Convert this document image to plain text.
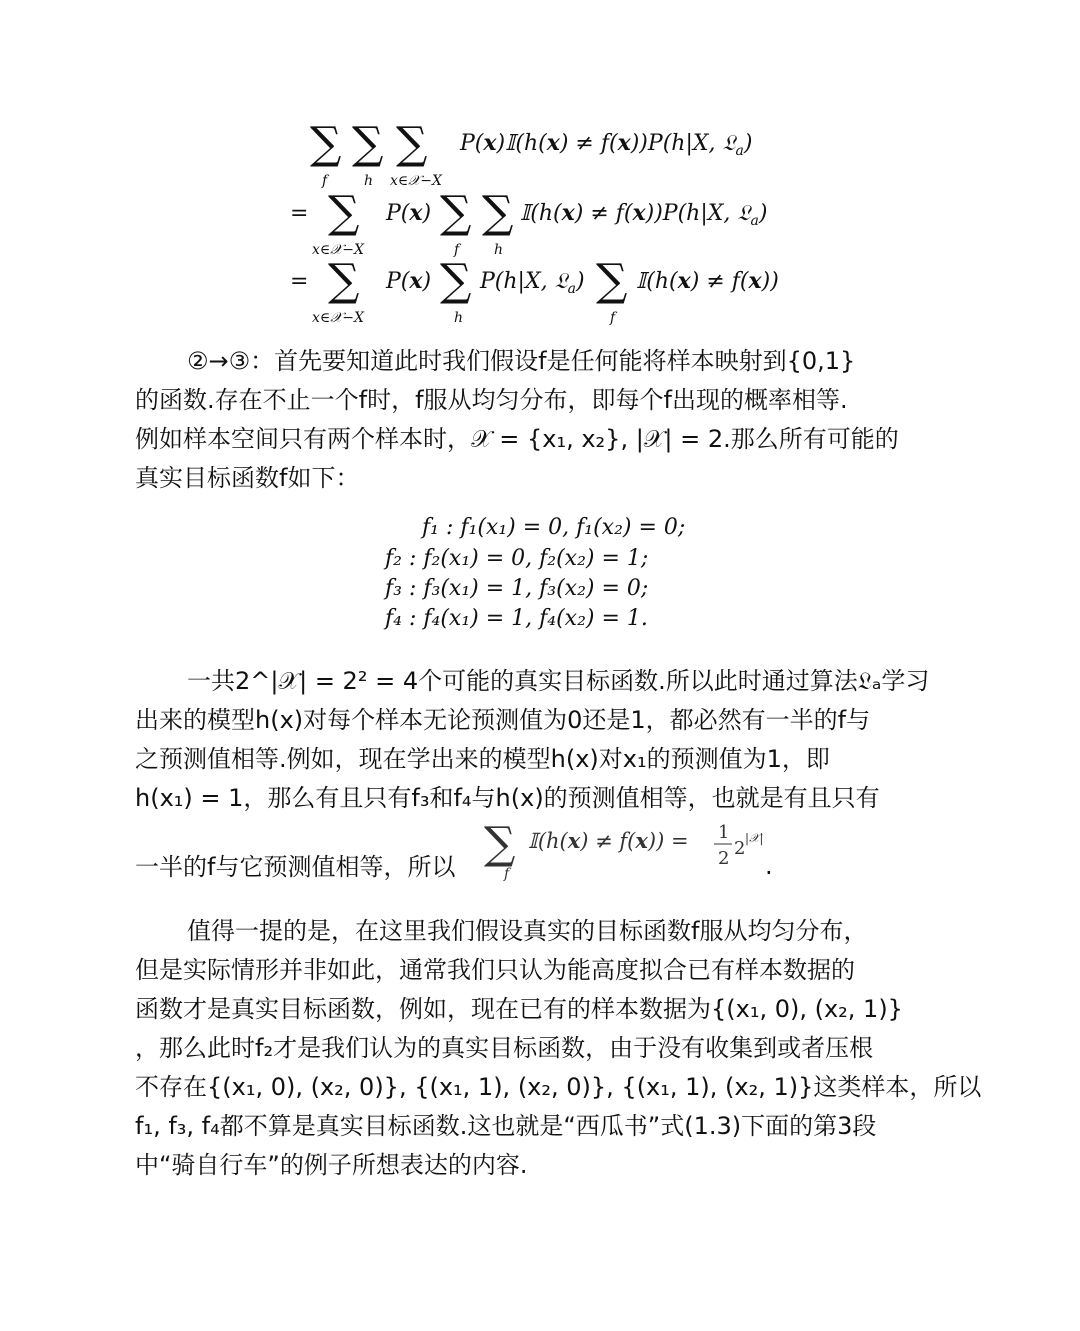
∑
f
∑
h
∑
x∈𝒳−X
P(x)𝕀(h(x) ≠ f(x))P(h|X, 𝔏$_a$)
= ∑
x∈𝒳−X
P(x) ∑
f
∑
h
𝕀(h(x) ≠ f(x))P(h|X, 𝔏$_a$)
= ∑
x∈𝒳−X
P(x) ∑
h
P(h|X, 𝔏$_a$) ∑
f
𝕀(h(x) ≠ f(x))
②→③：首先要知道此时我们假设f是任何能将样本映射到{0,1}
的函数.存在不止一个f时，f服从均匀分布，即每个f出现的概率相等.
例如样本空间只有两个样本时，𝒳 = {x₁, x₂}, |𝒳| = 2.那么所有可能的
真实目标函数f如下：
f₁ : f₁(x₁) = 0, f₁(x₂) = 0;
f₂ : f₂(x₁) = 0, f₂(x₂) = 1;
f₃ : f₃(x₁) = 1, f₃(x₂) = 0;
f₄ : f₄(x₁) = 1, f₄(x₂) = 1.
一共2^|𝒳| = 2² = 4个可能的真实目标函数.所以此时通过算法𝔏ₐ学习
出来的模型h(x)对每个样本无论预测值为0还是1，都必然有一半的f与
之预测值相等.例如，现在学出来的模型h(x)对x₁的预测值为1，即
h(x₁) = 1，那么有且只有f₃和f₄与h(x)的预测值相等，也就是有且只有
一半的f与它预测值相等，所以 ∑
f
𝕀(h(x) ≠ f(x)) = 1
2 2 |𝒳|
.
值得一提的是，在这里我们假设真实的目标函数f服从均匀分布，
但是实际情形并非如此，通常我们只认为能高度拟合已有样本数据的
函数才是真实目标函数，例如，现在已有的样本数据为{(x₁, 0), (x₂, 1)}
，那么此时f₂才是我们认为的真实目标函数，由于没有收集到或者压根
不存在{(x₁, 0), (x₂, 0)}, {(x₁, 1), (x₂, 0)}, {(x₁, 1), (x₂, 1)}这类样本，所以
f₁, f₃, f₄都不算是真实目标函数.这也就是“西瓜书”式(1.3)下面的第3段
中“骑自行车”的例子所想表达的内容.
